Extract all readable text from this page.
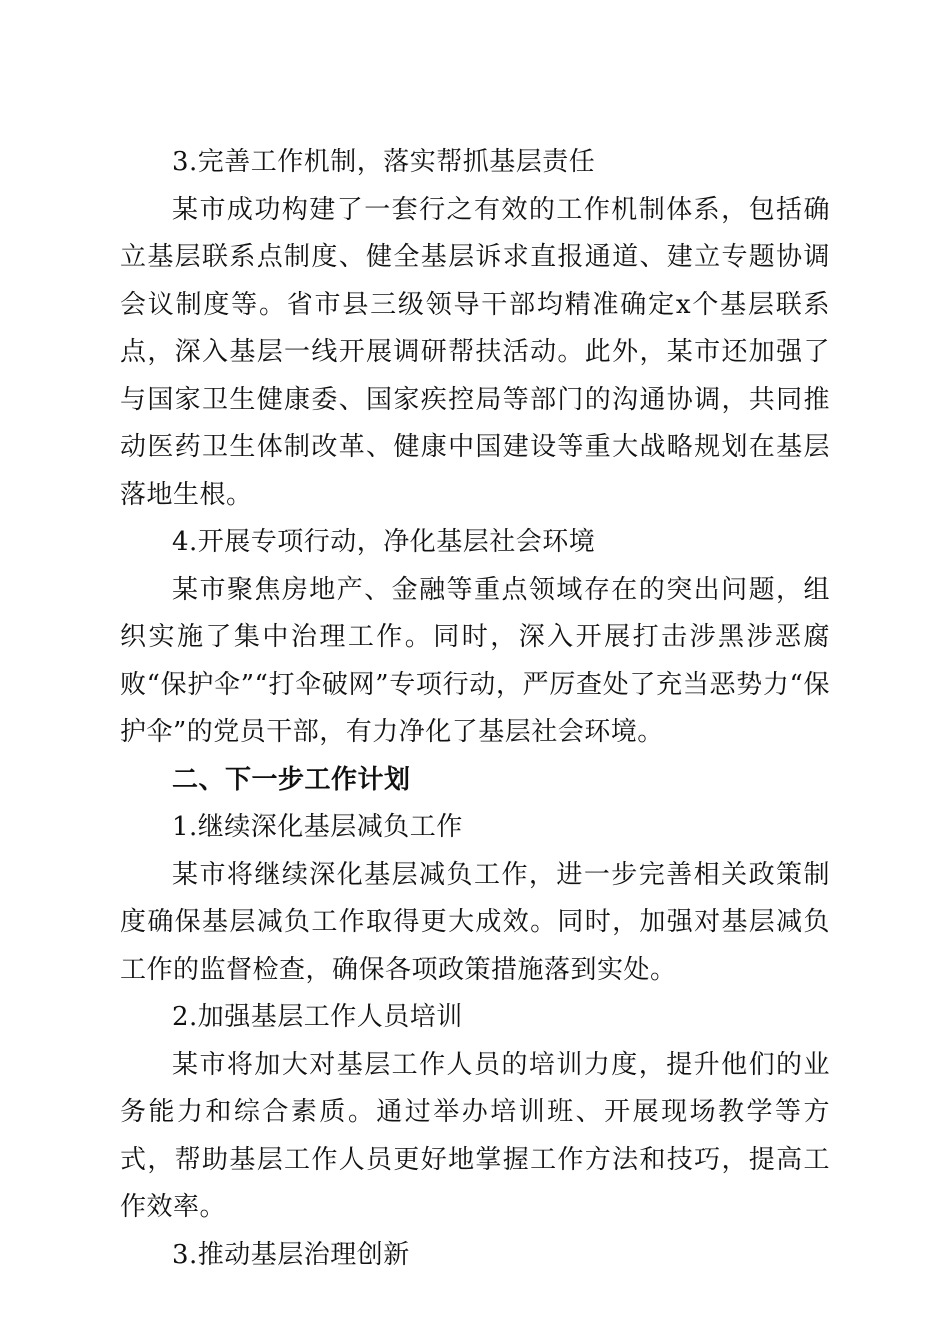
3.完善工作机制，落实帮抓基层责任

某市成功构建了一套行之有效的工作机制体系，包括确立基层联系点制度、健全基层诉求直报通道、建立专题协调会议制度等。省市县三级领导干部均精准确定x个基层联系点，深入基层一线开展调研帮扶活动。此外，某市还加强了与国家卫生健康委、国家疾控局等部门的沟通协调，共同推动医药卫生体制改革、健康中国建设等重大战略规划在基层落地生根。

4.开展专项行动，净化基层社会环境

某市聚焦房地产、金融等重点领域存在的突出问题，组织实施了集中治理工作。同时，深入开展打击涉黑涉恶腐败“保护伞”“打伞破网”专项行动，严厉查处了充当恶势力“保护伞”的党员干部，有力净化了基层社会环境。

二、下一步工作计划

1.继续深化基层减负工作

某市将继续深化基层减负工作，进一步完善相关政策制度确保基层减负工作取得更大成效。同时，加强对基层减负工作的监督检查，确保各项政策措施落到实处。

2.加强基层工作人员培训

某市将加大对基层工作人员的培训力度，提升他们的业务能力和综合素质。通过举办培训班、开展现场教学等方式，帮助基层工作人员更好地掌握工作方法和技巧，提高工作效率。

3.推动基层治理创新
